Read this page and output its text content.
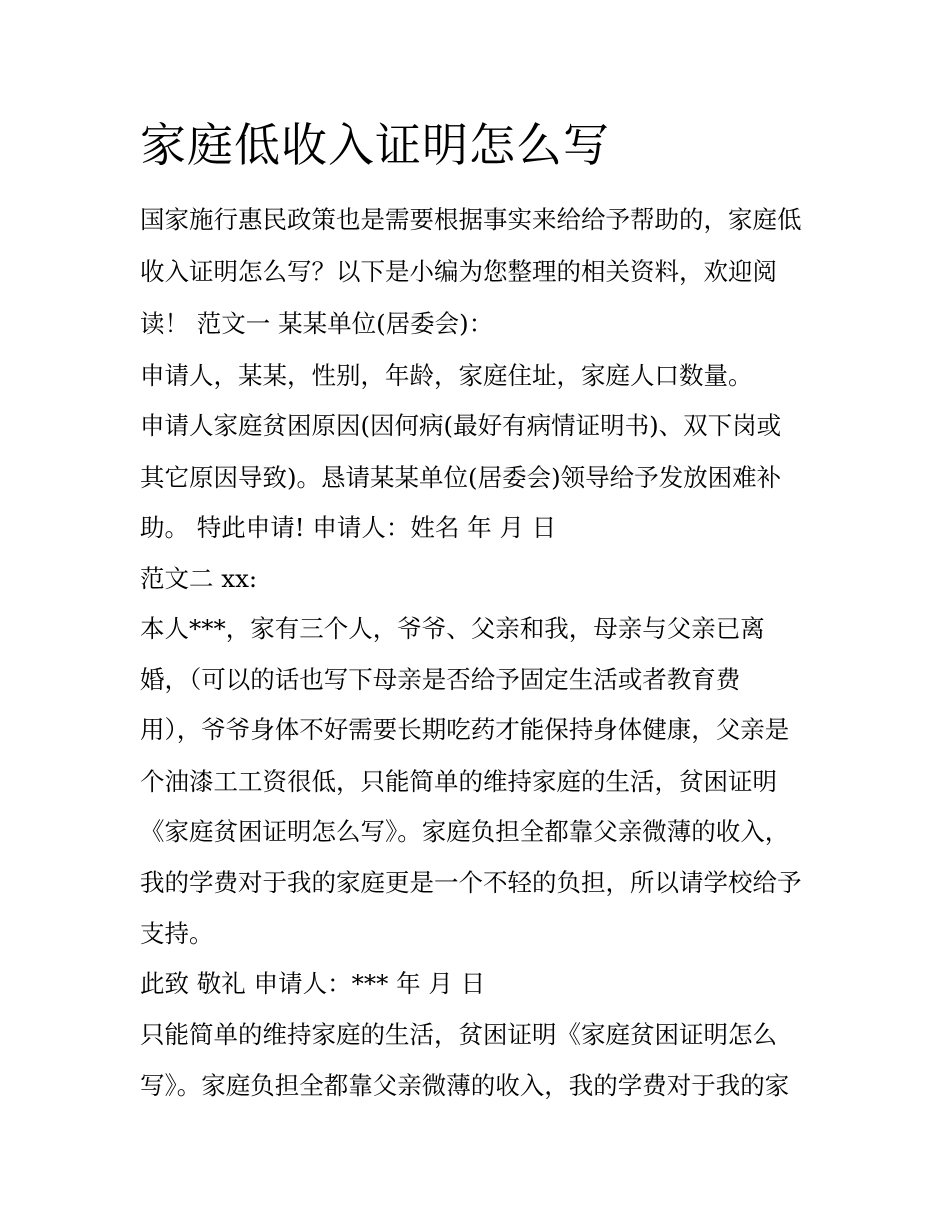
家庭低收入证明怎么写

国家施行惠民政策也是需要根据事实来给给予帮助的，家庭低

收入证明怎么写？以下是小编为您整理的相关资料，欢迎阅

读！ 范文一 某某单位(居委会)：

申请人，某某，性别，年龄，家庭住址，家庭人口数量。

申请人家庭贫困原因(因何病(最好有病情证明书)、双下岗或

其它原因导致)。恳请某某单位(居委会)领导给予发放困难补

助。 特此申请! 申请人：姓名 年 月 日

范文二 xx:

本人***，家有三个人，爷爷、父亲和我，母亲与父亲已离

婚，（可以的话也写下母亲是否给予固定生活或者教育费

用），爷爷身体不好需要长期吃药才能保持身体健康，父亲是

个油漆工工资很低，只能简单的维持家庭的生活，贫困证明

《家庭贫困证明怎么写》。家庭负担全都靠父亲微薄的收入，

我的学费对于我的家庭更是一个不轻的负担，所以请学校给予

支持。

此致 敬礼 申请人：*** 年 月 日

只能简单的维持家庭的生活，贫困证明《家庭贫困证明怎么

写》。家庭负担全都靠父亲微薄的收入，我的学费对于我的家
